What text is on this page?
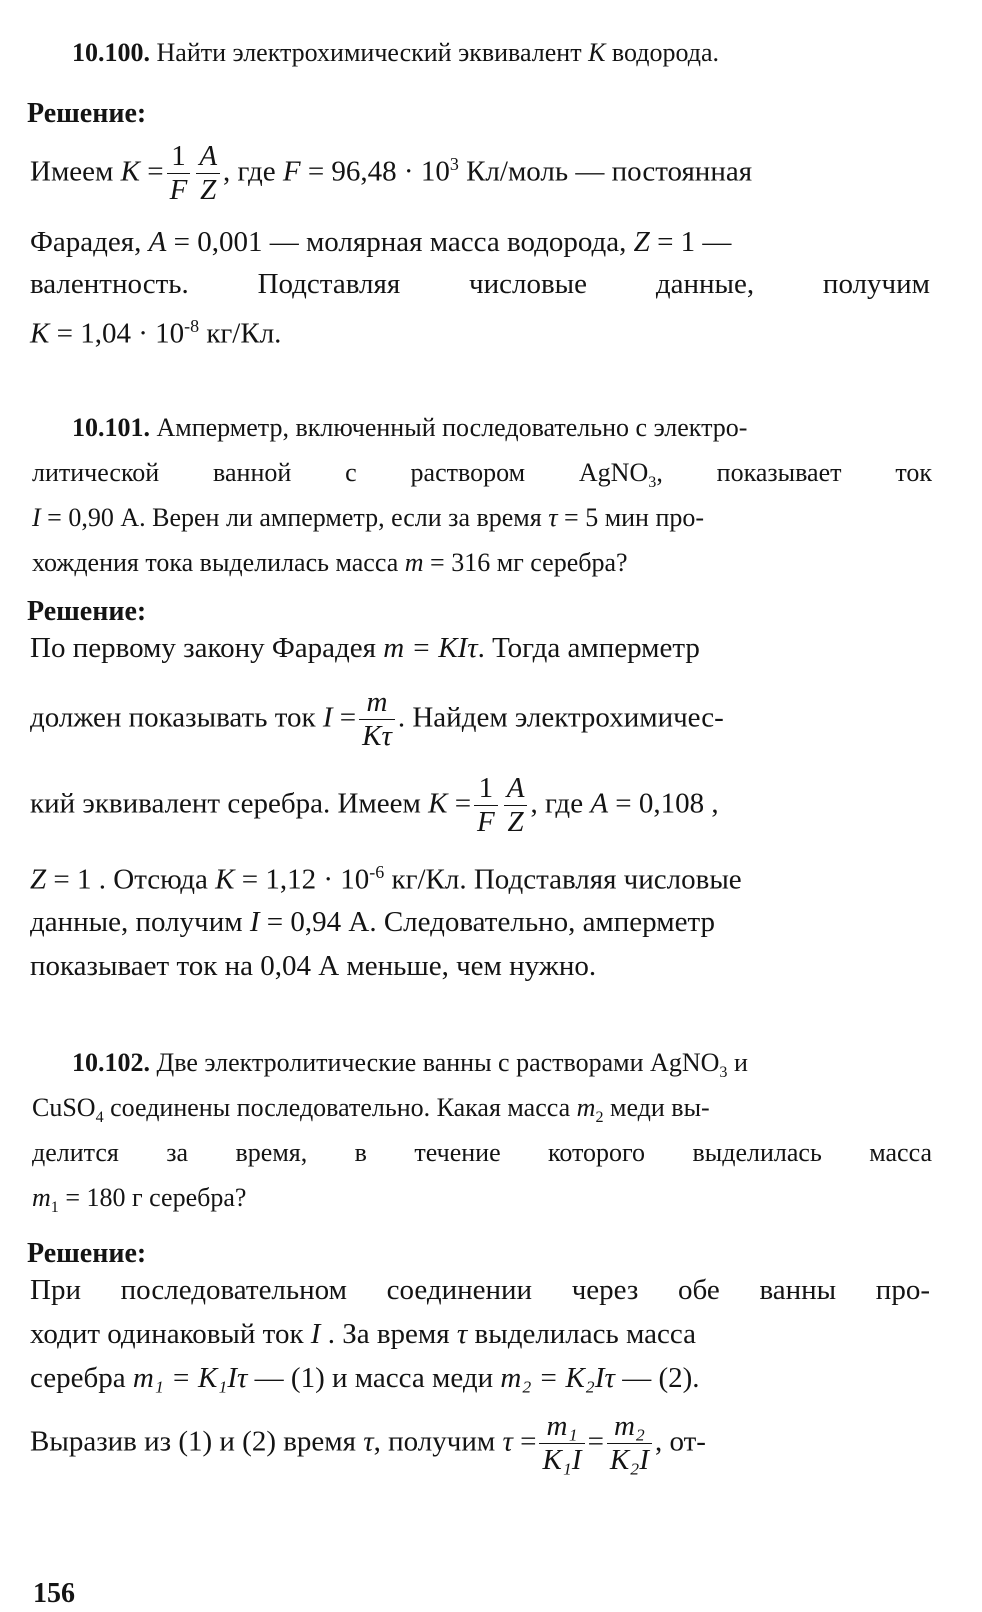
10.100. Найти электрохимический эквивалент K водорода.
Решение:
Имеем $K = \frac{1}{F} \frac{A}{Z}$ , где $F = 96,48 \cdot 10^3$ Кл/моль — постоянная
Фарадея, A = 0,001 — молярная масса водорода, Z = 1 —
валентность. Подставляя числовые данные, получим
$K = 1,04 \cdot 10^{-8}$ кг/Кл.
10.101. Амперметр, включенный последовательно с электро-
литической ванной с раствором AgNO$_3$, показывает ток
I = 0,90 А. Верен ли амперметр, если за время τ = 5 мин про-
хождения тока выделилась масса m = 316 мг серебра?
Решение:
По первому закону Фарадея m = KIτ. Тогда амперметр
должен показывать ток $I = \frac{m}{K\tau}$ . Найдем электрохимичес-
кий эквивалент серебра. Имеем $K = \frac{1}{F} \frac{A}{Z}$ , где A = 0,108 ,
Z = 1 . Отсюда $K = 1,12 \cdot 10^{-6}$ кг/Кл. Подставляя числовые
данные, получим I = 0,94 А. Следовательно, амперметр
показывает ток на 0,04 А меньше, чем нужно.
10.102. Две электролитические ванны с растворами AgNO$_3$ и
CuSO$_4$ соединены последовательно. Какая масса $m_2$ меди вы-
делится за время, в течение которого выделилась масса
$m_1 = 180$ г серебра?
Решение:
При последовательном соединении через обе ванны про-
ходит одинаковый ток I . За время τ выделилась масса
серебра m₁ = K₁Iτ — (1) и масса меди m₂ = K₂Iτ — (2).
Выразив из (1) и (2) время τ, получим $\tau = \frac{\text{m₁}}{\text{K₁I}} = \frac{\text{m₂}}{\text{K₂I}}$ , от-
156
